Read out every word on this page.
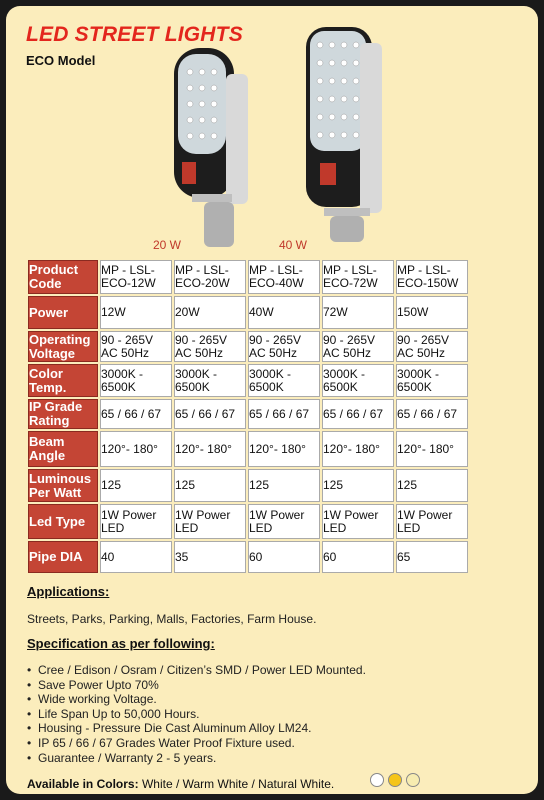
LED STREET LIGHTS
ECO Model
20 W	40 W
Product Code	MP - LSL-ECO-12W	MP - LSL-ECO-20W	MP - LSL-ECO-40W	MP - LSL-ECO-72W	MP - LSL-ECO-150W
Power	12W	20W	40W	72W	150W
Operating Voltage	90 - 265V AC 50Hz	90 - 265V AC 50Hz	90 - 265V AC 50Hz	90 - 265V AC 50Hz	90 - 265V AC 50Hz
Color Temp.	3000K - 6500K	3000K - 6500K	3000K - 6500K	3000K - 6500K	3000K - 6500K
IP Grade Rating	65 / 66 / 67	65 / 66 / 67	65 / 66 / 67	65 / 66 / 67	65 / 66 / 67
Beam Angle	120°- 180°	120°- 180°	120°- 180°	120°- 180°	120°- 180°
Luminous Per Watt	125	125	125	125	125
Led Type	1W Power LED	1W Power LED	1W Power LED	1W Power LED	1W Power LED
Pipe DIA	40	35	60	60	65
Applications:
Streets, Parks, Parking, Malls, Factories, Farm House.
Specification as per following:
• Cree / Edison / Osram / Citizen’s SMD / Power LED Mounted.
• Save Power Upto 70%
• Wide working Voltage.
• Life Span Up to 50,000 Hours.
• Housing - Pressure Die Cast Aluminum Alloy LM24.
• IP 65 / 66 / 67 Grades Water Proof Fixture used.
• Guarantee / Warranty 2 - 5 years.
Available in Colors: White / Warm White / Natural White.
